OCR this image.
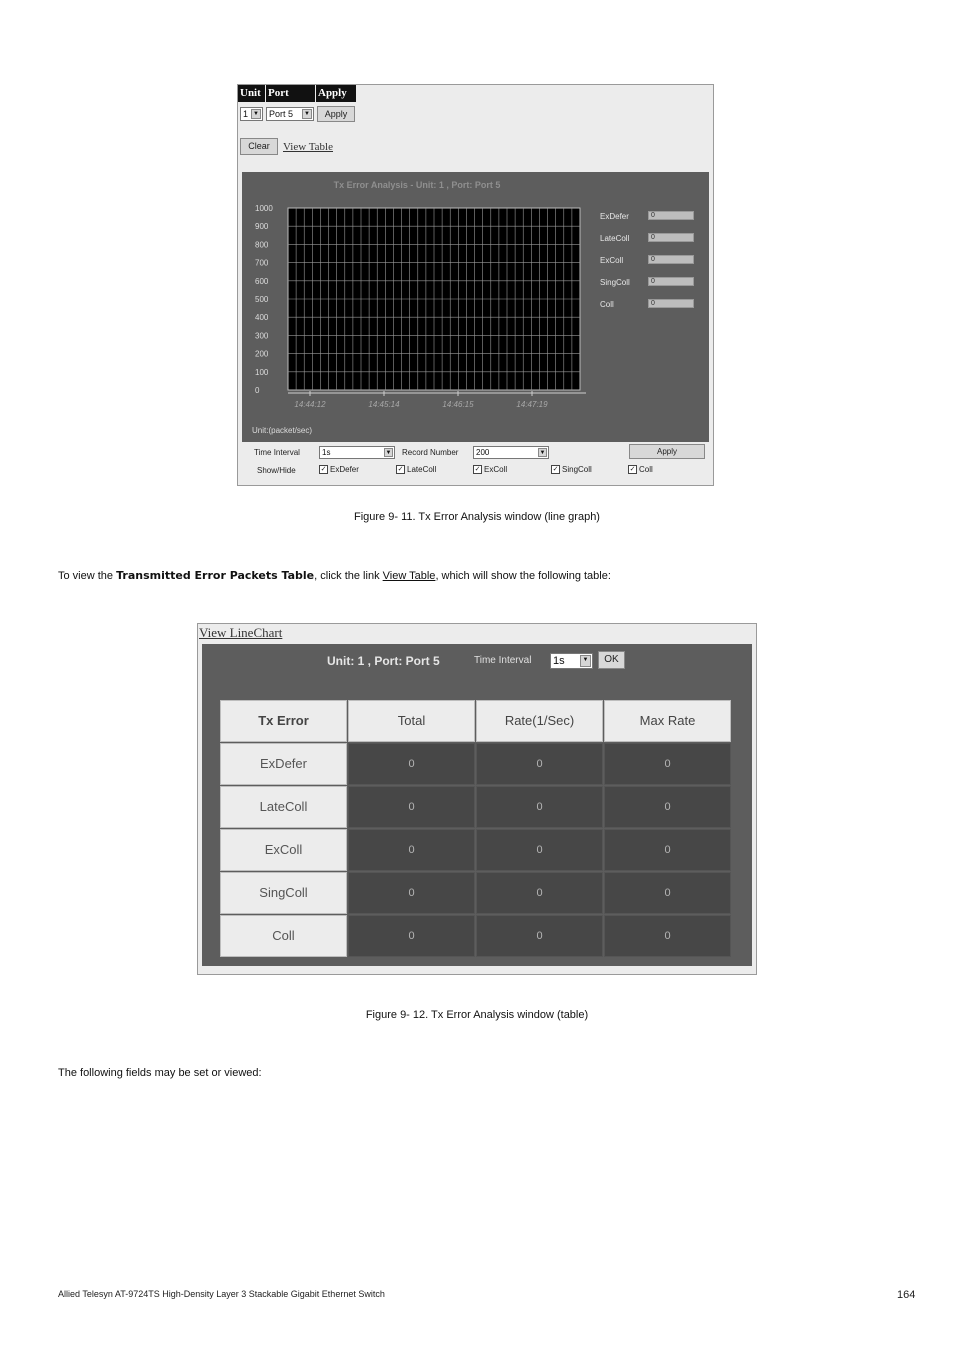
Unit Port	Apply
1 ▼	Port 5	▼	Apply
Clear	View Table
Tx Error Analysis - Unit: 1 , Port: Port 5
1000
900
800
700
600
500
400
300
200
100
0
14:44:12	14:45:14	14:46:15	14:47:19
Unit:(packet/sec)
ExDefer	0
LateColl	0
ExColl	0
SingColl	0
Coll	0
Time Interval	1s	▼ Record Number	200	▼	Apply
Show/Hide	✓ ExDefer	✓ LateColl	✓ ExColl	✓ SingColl	✓ Coll
Figure 9- 11. Tx Error Analysis window (line graph)
To view the Transmitted Error Packets Table, click the link View Table, which will show the following table:
View LineChart
Unit: 1 , Port: Port 5	Time Interval 1s	▼	OK
Tx Error	Total	Rate(1/Sec)	Max Rate
ExDefer	0	0	0
LateColl	0	0	0
ExColl	0	0	0
SingColl	0	0	0
Coll	0	0	0
Figure 9- 12. Tx Error Analysis window (table)
The following fields may be set or viewed:
Allied Telesyn AT-9724TS High-Density Layer 3 Stackable Gigabit Ethernet Switch	164
